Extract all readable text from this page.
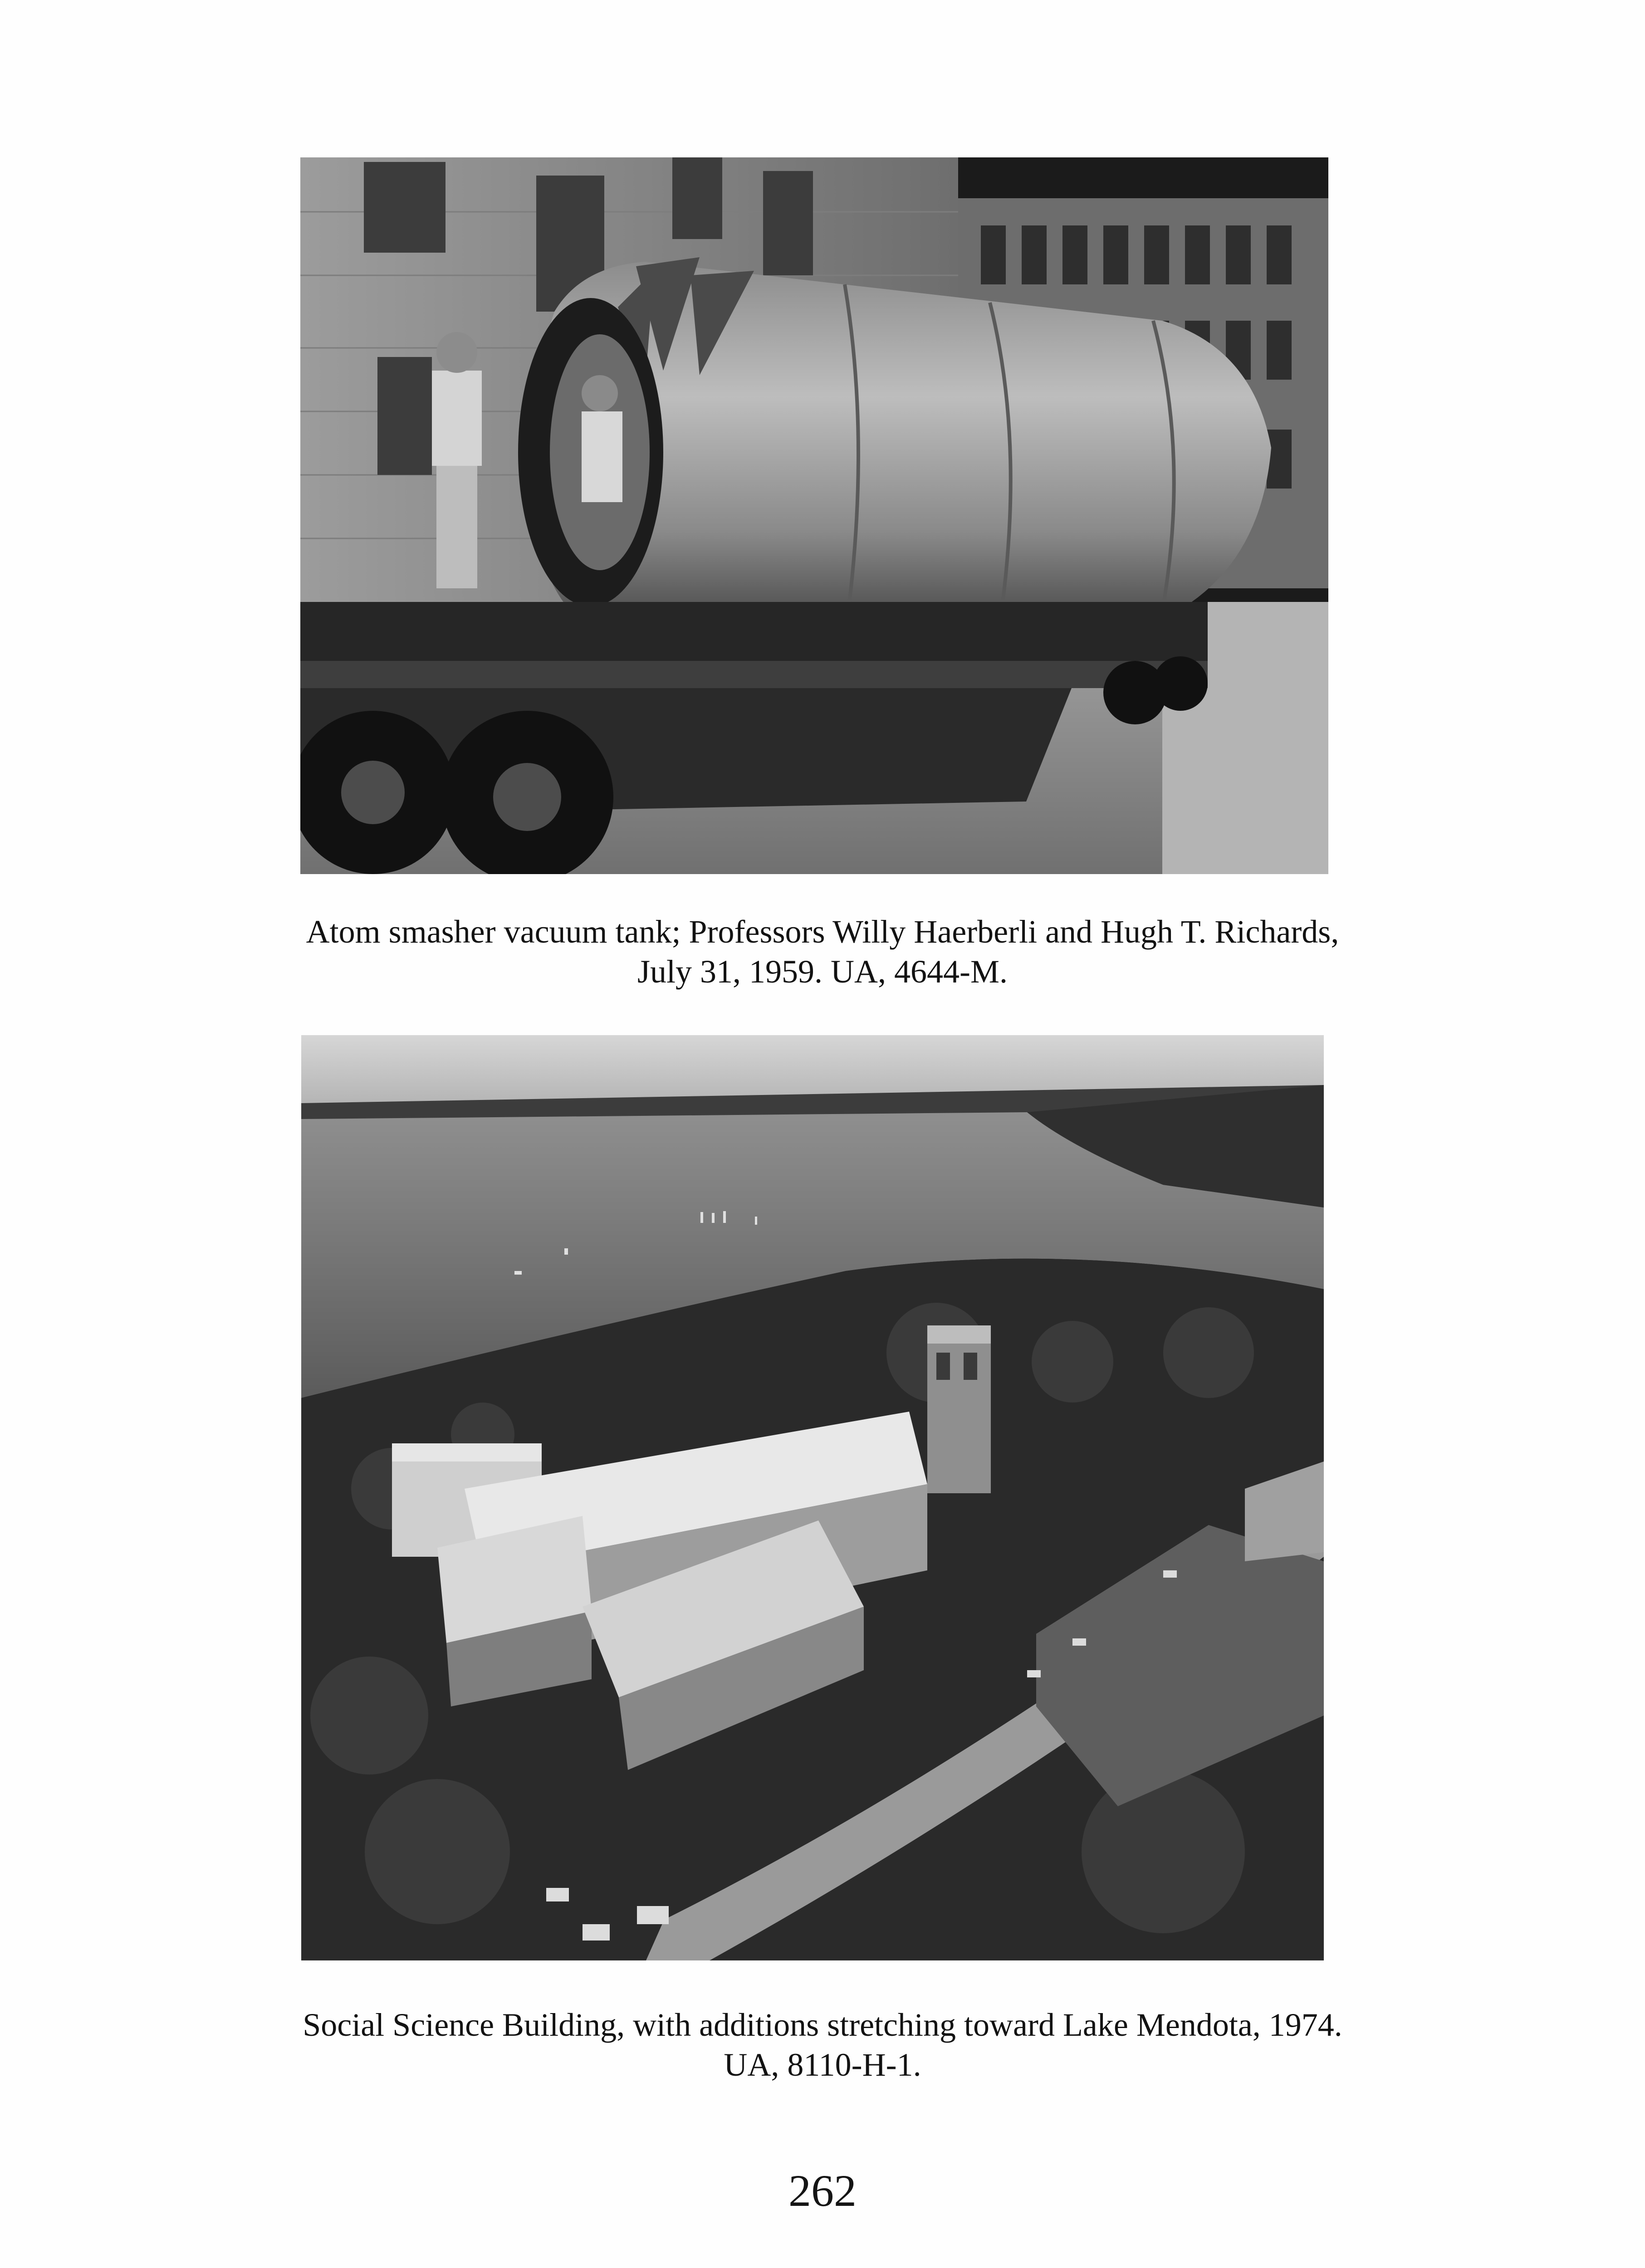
Atom smasher vacuum tank; Professors Willy Haerberli and Hugh T. Richards,
July 31, 1959. UA, 4644-M.
Social Science Building, with additions stretching toward Lake Mendota, 1974.
UA, 8110-H-1.
262
